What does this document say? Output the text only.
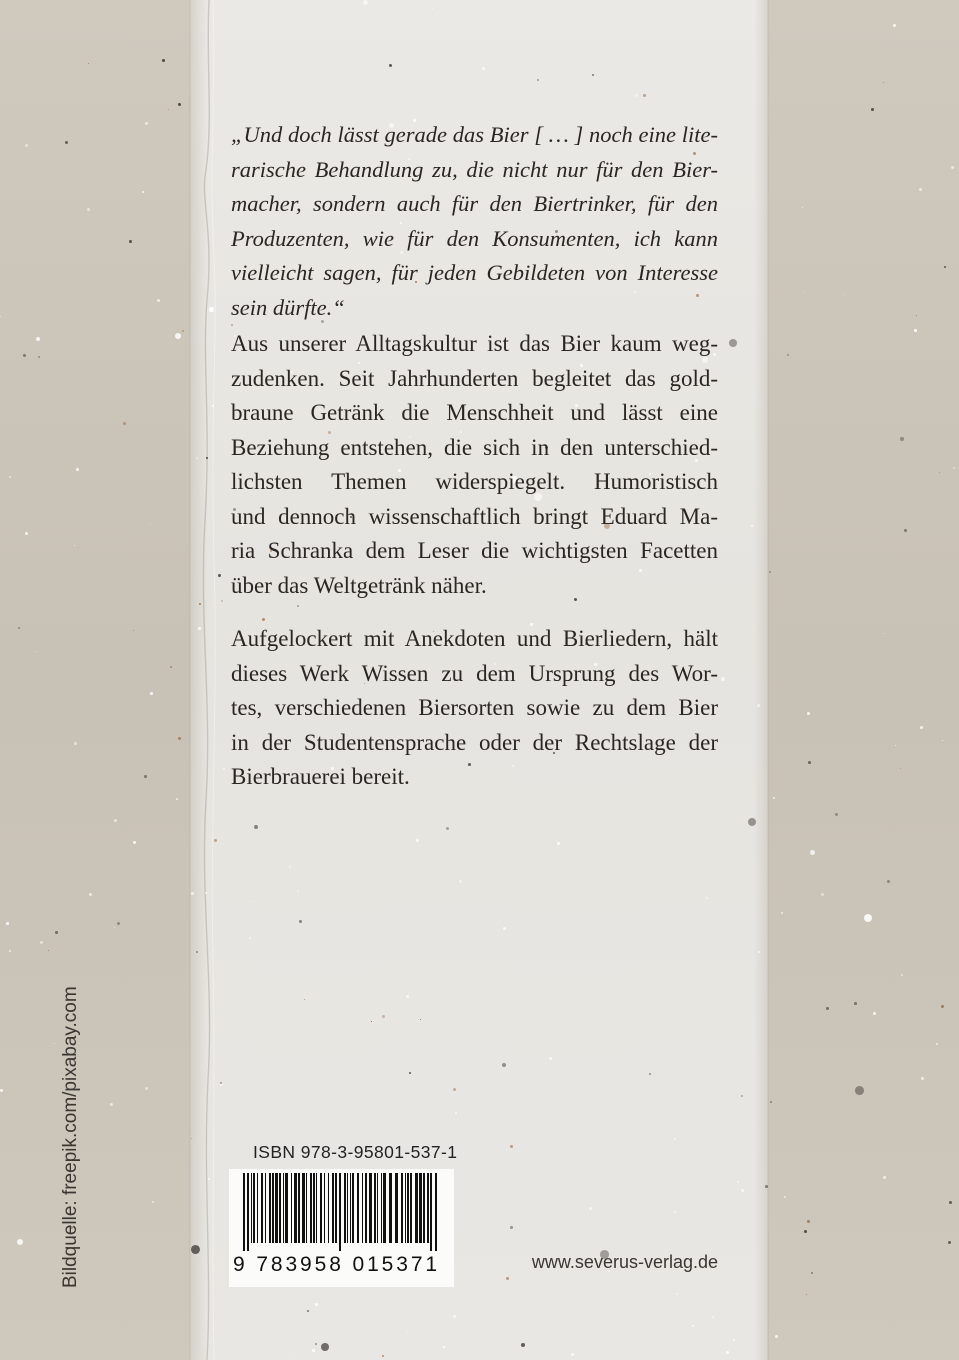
„Und doch lässt gerade das Bier [ … ] noch eine lite-
rarische Behandlung zu, die nicht nur für den Bier-
macher, sondern auch für den Biertrinker, für den
Produzenten, wie für den Konsumenten, ich kann
vielleicht sagen, für jeden Gebildeten von Interesse
sein dürfte.“
Aus unserer Alltagskultur ist das Bier kaum weg-
zudenken. Seit Jahrhunderten begleitet das gold-
braune Getränk die Menschheit und lässt eine
Beziehung entstehen, die sich in den unterschied-
lichsten Themen widerspiegelt. Humoristisch
und dennoch wissenschaftlich bringt Eduard Ma-
ria Schranka dem Leser die wichtigsten Facetten
über das Weltgetränk näher.
Aufgelockert mit Anekdoten und Bierliedern, hält
dieses Werk Wissen zu dem Ursprung des Wor-
tes, verschiedenen Biersorten sowie zu dem Bier
in der Studentensprache oder der Rechtslage der
Bierbrauerei bereit.
Bildquelle: freepik.com/pixabay.com	ISBN 978-3-95801-537-1
9 783958 015371	www.severus-verlag.de
